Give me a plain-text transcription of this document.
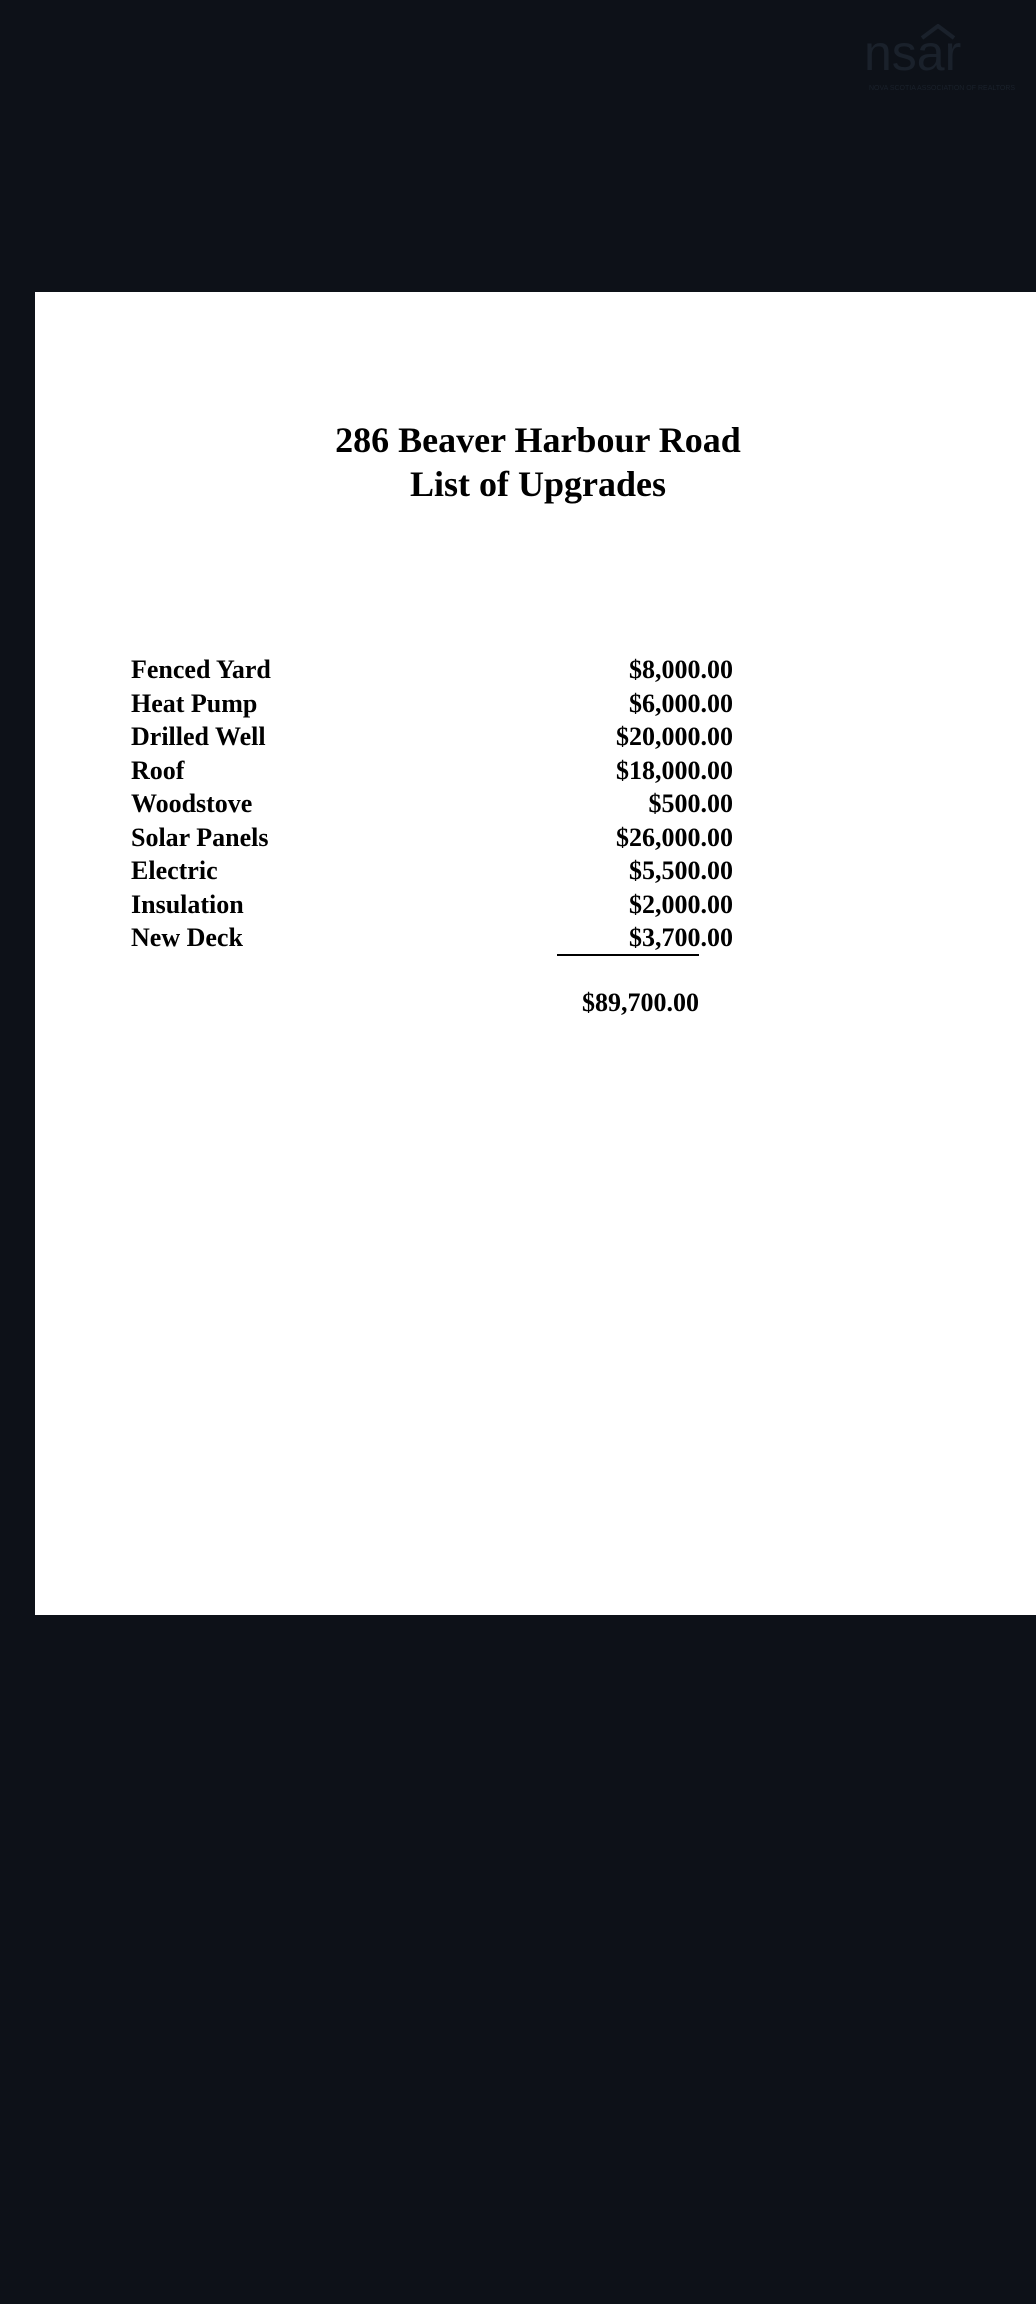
nsar
NOVA SCOTIA ASSOCIATION OF REALTORS
286 Beaver Harbour Road
List of Upgrades
Fenced Yard	$8,000.00
Heat Pump	$6,000.00
Drilled Well	$20,000.00
Roof	$18,000.00
Woodstove	$500.00
Solar Panels	$26,000.00
Electric	$5,500.00
Insulation	$2,000.00
New Deck	$3,700.00
$89,700.00
